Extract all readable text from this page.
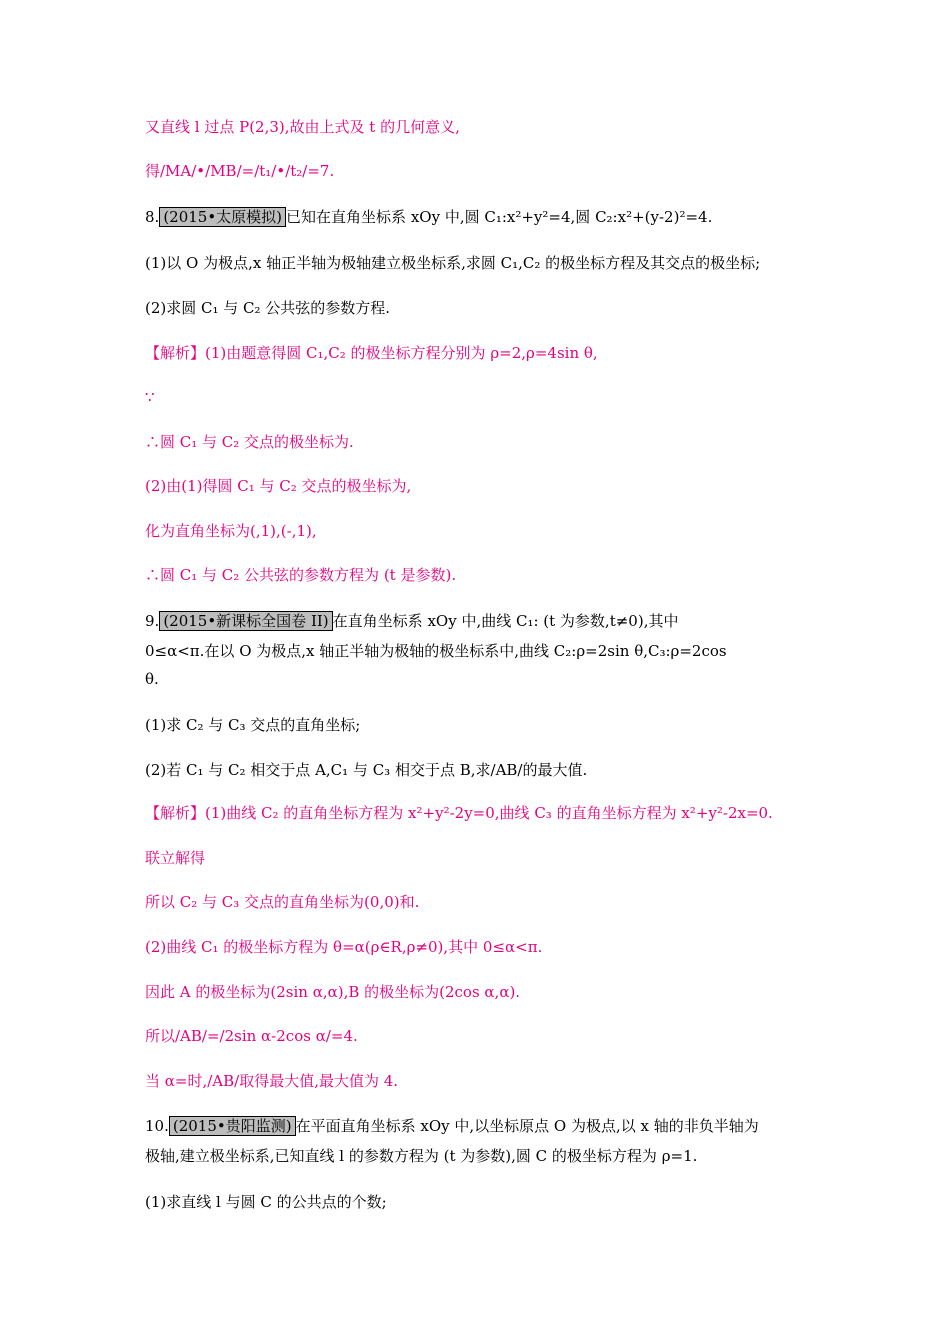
又直线 l 过点 P(2,3),故由上式及 t 的几何意义,
得/MA/•/MB/=/t₁/•/t₂/=7.
8. (2015•太原模拟) 已知在直角坐标系 xOy 中,圆 C₁:x²+y²=4,圆 C₂:x²+(y-2)²=4.
(1)以 O 为极点,x 轴正半轴为极轴建立极坐标系,求圆 C₁,C₂ 的极坐标方程及其交点的极坐标;
(2)求圆 C₁ 与 C₂ 公共弦的参数方程.
【解析】(1)由题意得圆 C₁,C₂ 的极坐标方程分别为 ρ=2,ρ=4sin θ,
∵
∴圆 C₁ 与 C₂ 交点的极坐标为.
(2)由(1)得圆 C₁ 与 C₂ 交点的极坐标为,
化为直角坐标为(,1),(-,1),
∴圆 C₁ 与 C₂ 公共弦的参数方程为 (t 是参数).
9. (2015•新课标全国卷 II) 在直角坐标系 xOy 中,曲线 C₁: (t 为参数,t≠0),其中
0≤α<π.在以 O 为极点,x 轴正半轴为极轴的极坐标系中,曲线 C₂:ρ=2sin θ,C₃:ρ=2cos
θ.
(1)求 C₂ 与 C₃ 交点的直角坐标;
(2)若 C₁ 与 C₂ 相交于点 A,C₁ 与 C₃ 相交于点 B,求/AB/的最大值.
【解析】(1)曲线 C₂ 的直角坐标方程为 x²+y²-2y=0,曲线 C₃ 的直角坐标方程为 x²+y²-2x=0.
联立解得
所以 C₂ 与 C₃ 交点的直角坐标为(0,0)和.
(2)曲线 C₁ 的极坐标方程为 θ=α(ρ∈R,ρ≠0),其中 0≤α<π.
因此 A 的极坐标为(2sin α,α),B 的极坐标为(2cos α,α).
所以/AB/=/2sin α-2cos α/=4.
当 α=时,/AB/取得最大值,最大值为 4.
10. (2015•贵阳监测) 在平面直角坐标系 xOy 中,以坐标原点 O 为极点,以 x 轴的非负半轴为
极轴,建立极坐标系,已知直线 l 的参数方程为 (t 为参数),圆 C 的极坐标方程为 ρ=1.
(1)求直线 l 与圆 C 的公共点的个数;
